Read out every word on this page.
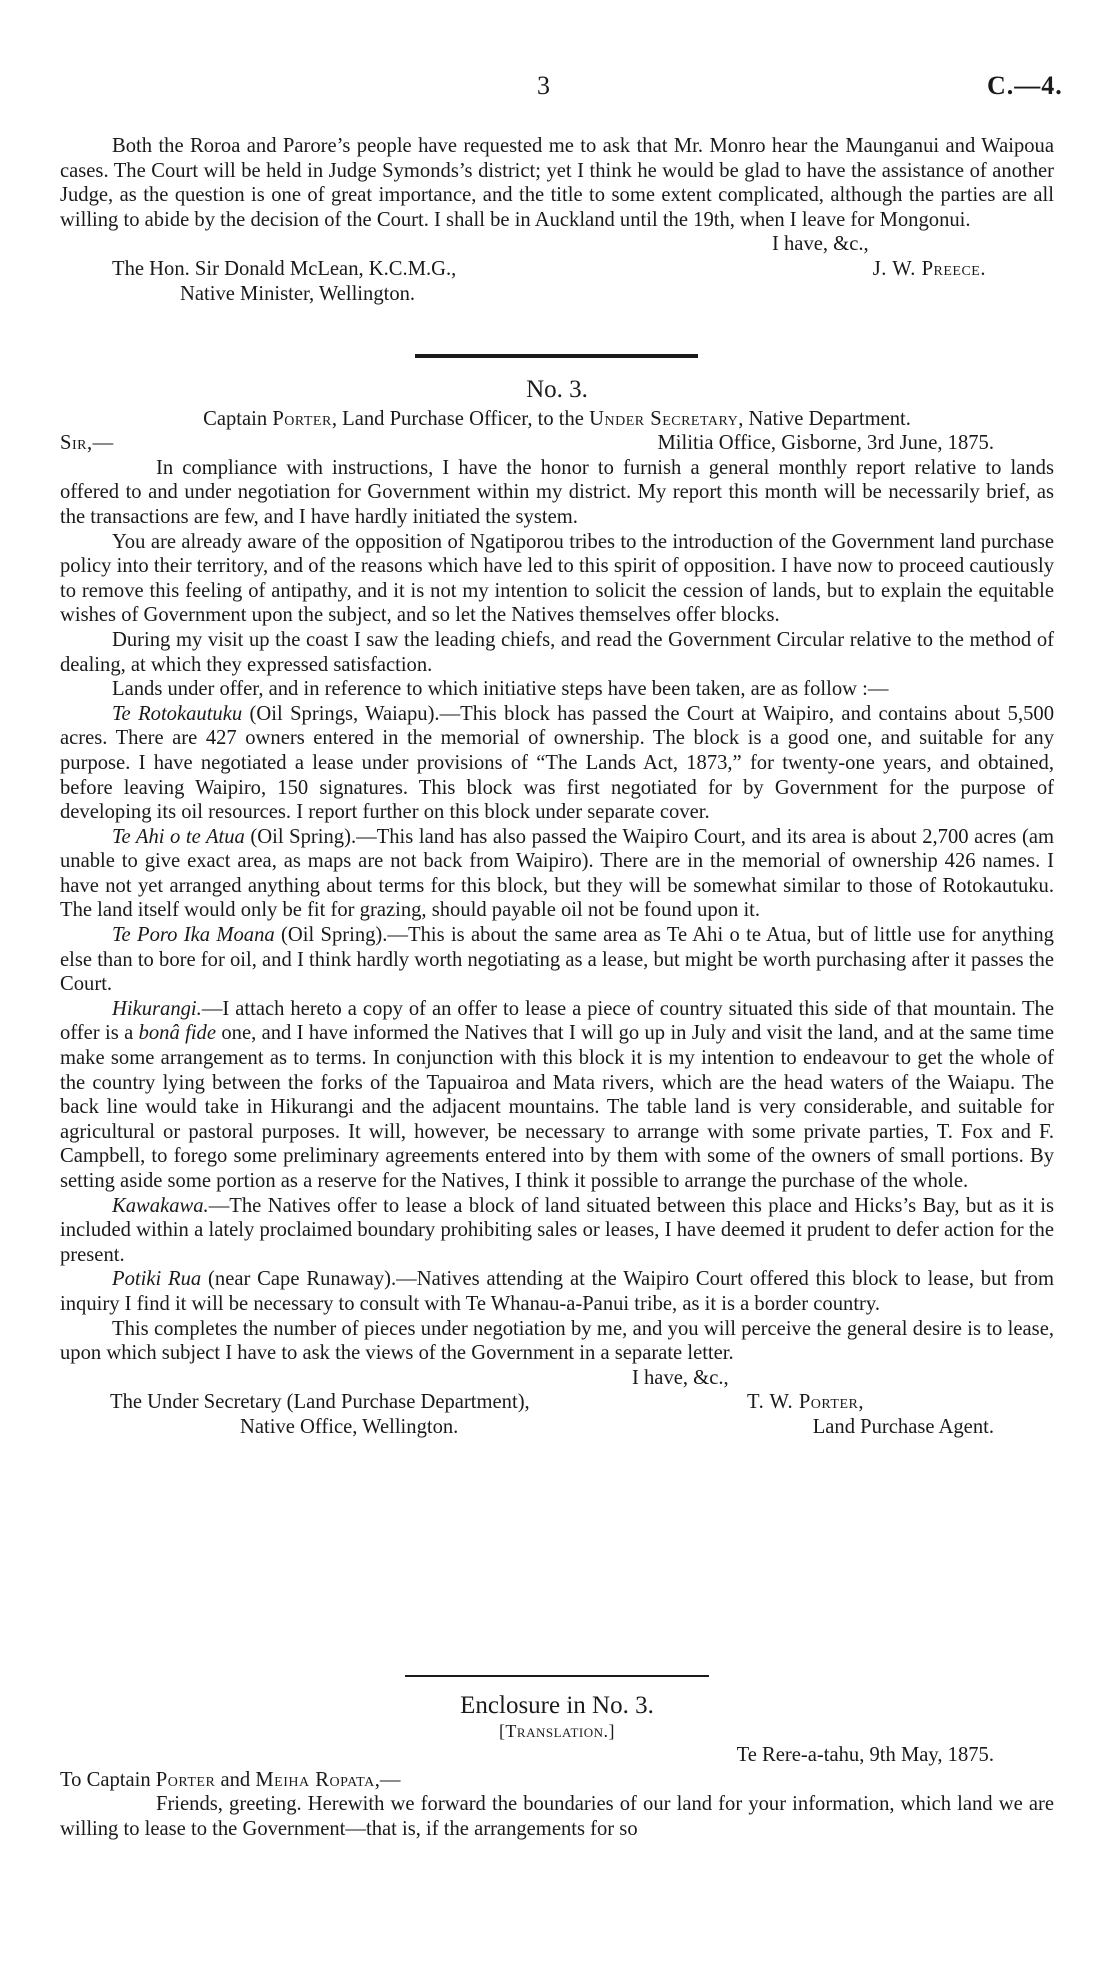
3	C.—4.

Both the Roroa and Parore’s people have requested me to ask that Mr. Monro hear the Maunganui and Waipoua cases. The Court will be held in Judge Symonds’s district; yet I think he would be glad to have the assistance of another Judge, as the question is one of great importance, and the title to some extent complicated, although the parties are all willing to abide by the decision of the Court. I shall be in Auckland until the 19th, when I leave for Mongonui.

I have, &c.,
The Hon. Sir Donald McLean, K.C.M.G.,	J. W. Preece.
Native Minister, Wellington.
No. 3.
Captain Porter, Land Purchase Officer, to the Under Secretary, Native Department.
Sir,—	Militia Office, Gisborne, 3rd June, 1875.

In compliance with instructions, I have the honor to furnish a general monthly report relative to lands offered to and under negotiation for Government within my district. My report this month will be necessarily brief, as the transactions are few, and I have hardly initiated the system.

You are already aware of the opposition of Ngatiporou tribes to the introduction of the Government land purchase policy into their territory, and of the reasons which have led to this spirit of opposition. I have now to proceed cautiously to remove this feeling of antipathy, and it is not my intention to solicit the cession of lands, but to explain the equitable wishes of Government upon the subject, and so let the Natives themselves offer blocks.

During my visit up the coast I saw the leading chiefs, and read the Government Circular relative to the method of dealing, at which they expressed satisfaction.

Lands under offer, and in reference to which initiative steps have been taken, are as follow :—

Te Rotokautuku (Oil Springs, Waiapu).—This block has passed the Court at Waipiro, and contains about 5,500 acres. There are 427 owners entered in the memorial of ownership. The block is a good one, and suitable for any purpose. I have negotiated a lease under provisions of “The Lands Act, 1873,” for twenty-one years, and obtained, before leaving Waipiro, 150 signatures. This block was first negotiated for by Government for the purpose of developing its oil resources. I report further on this block under separate cover.

Te Ahi o te Atua (Oil Spring).—This land has also passed the Waipiro Court, and its area is about 2,700 acres (am unable to give exact area, as maps are not back from Waipiro). There are in the memorial of ownership 426 names. I have not yet arranged anything about terms for this block, but they will be somewhat similar to those of Rotokautuku. The land itself would only be fit for grazing, should payable oil not be found upon it.

Te Poro Ika Moana (Oil Spring).—This is about the same area as Te Ahi o te Atua, but of little use for anything else than to bore for oil, and I think hardly worth negotiating as a lease, but might be worth purchasing after it passes the Court.

Hikurangi.—I attach hereto a copy of an offer to lease a piece of country situated this side of that mountain. The offer is a bonâ fide one, and I have informed the Natives that I will go up in July and visit the land, and at the same time make some arrangement as to terms. In conjunction with this block it is my intention to endeavour to get the whole of the country lying between the forks of the Tapuairoa and Mata rivers, which are the head waters of the Waiapu. The back line would take in Hikurangi and the adjacent mountains. The table land is very considerable, and suitable for agricultural or pastoral purposes. It will, however, be necessary to arrange with some private parties, T. Fox and F. Campbell, to forego some preliminary agreements entered into by them with some of the owners of small portions. By setting aside some portion as a reserve for the Natives, I think it possible to arrange the purchase of the whole.

Kawakawa.—The Natives offer to lease a block of land situated between this place and Hicks’s Bay, but as it is included within a lately proclaimed boundary prohibiting sales or leases, I have deemed it prudent to defer action for the present.

Potiki Rua (near Cape Runaway).—Natives attending at the Waipiro Court offered this block to lease, but from inquiry I find it will be necessary to consult with Te Whanau-a-Panui tribe, as it is a border country.

This completes the number of pieces under negotiation by me, and you will perceive the general desire is to lease, upon which subject I have to ask the views of the Government in a separate letter.

I have, &c.,
The Under Secretary (Land Purchase Department),	T. W. Porter,
Native Office, Wellington.	Land Purchase Agent.
Enclosure in No. 3.
[Translation.]
Te Rere-a-tahu, 9th May, 1875.
To Captain Porter and Meiha Ropata,—

Friends, greeting. Herewith we forward the boundaries of our land for your information, which land we are willing to lease to the Government—that is, if the arrangements for so
